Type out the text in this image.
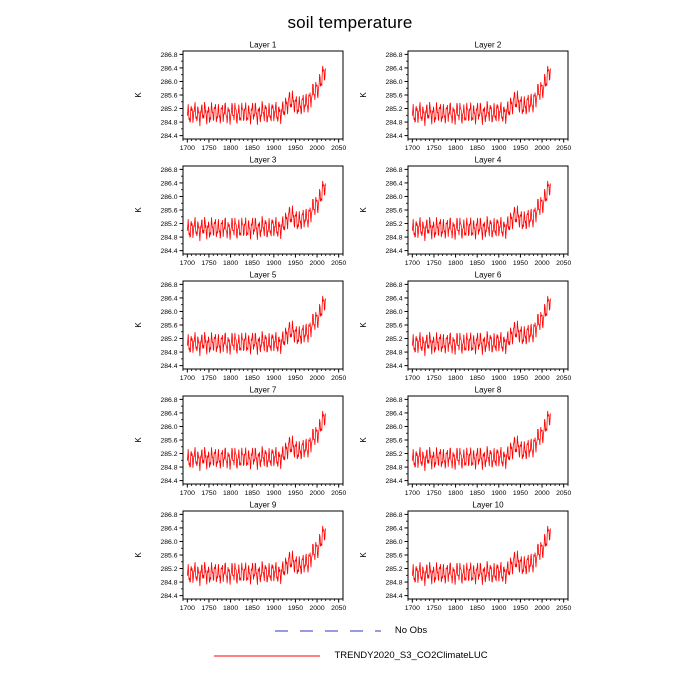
soil temperature
1700 1750 1800 1850 1900 1950 2000 2050
284.4
284.8
285.2
285.6
286.0
286.4
286.8
K
Layer 1
1700 1750 1800 1850 1900 1950 2000 2050
284.4
284.8
285.2
285.6
286.0
286.4
286.8
K
Layer 2
1700 1750 1800 1850 1900 1950 2000 2050
284.4
284.8
285.2
285.6
286.0
286.4
286.8
K
Layer 3
1700 1750 1800 1850 1900 1950 2000 2050
284.4
284.8
285.2
285.6
286.0
286.4
286.8
K
Layer 4
1700 1750 1800 1850 1900 1950 2000 2050
284.4
284.8
285.2
285.6
286.0
286.4
286.8
K
Layer 5
1700 1750 1800 1850 1900 1950 2000 2050
284.4
284.8
285.2
285.6
286.0
286.4
286.8
K
Layer 6
1700 1750 1800 1850 1900 1950 2000 2050
284.4
284.8
285.2
285.6
286.0
286.4
286.8
K
Layer 7
1700 1750 1800 1850 1900 1950 2000 2050
284.4
284.8
285.2
285.6
286.0
286.4
286.8
K
Layer 8
1700 1750 1800 1850 1900 1950 2000 2050
284.4
284.8
285.2
285.6
286.0
286.4
286.8
K
Layer 9
1700 1750 1800 1850 1900 1950 2000 2050
284.4
284.8
285.2
285.6
286.0
286.4
286.8
K
Layer 10
No Obs
TRENDY2020_S3_CO2ClimateLUC
